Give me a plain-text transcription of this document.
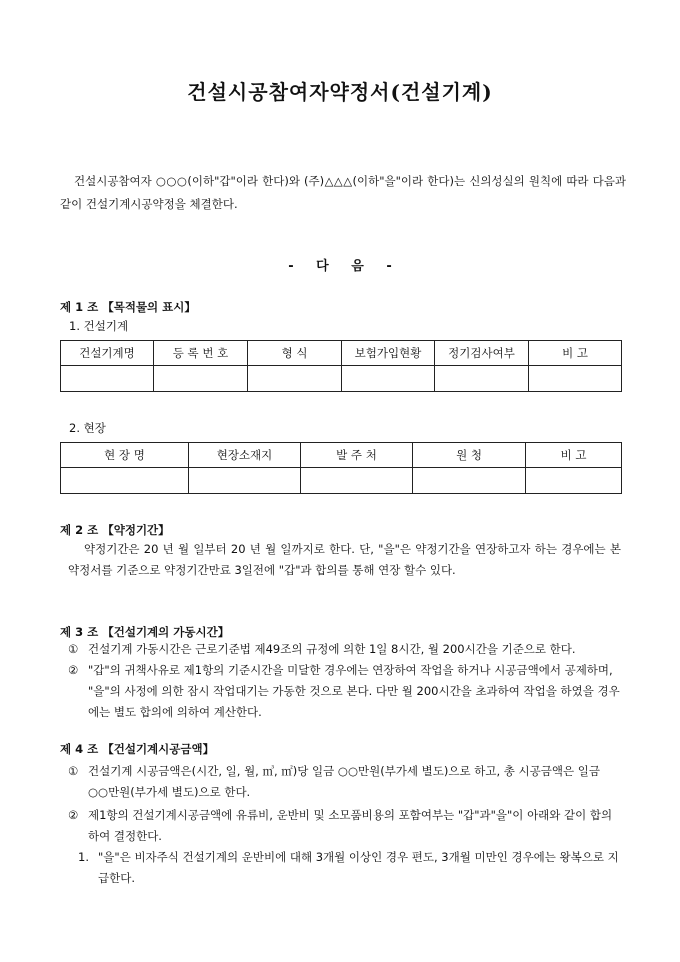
건설시공참여자약정서(건설기계)
건설시공참여자 ○○○(이하"갑"이라 한다)와 (주)△△△(이하"을"이라 한다)는 신의성실의 원칙에 따라 다음과 같이 건설기계시공약정을 체결한다.
- 다 음 -
제 1 조 【목적물의 표시】
1. 건설기계
건설기계명	등 록 번 호	형 식	보험가입현황	정기검사여부	비 고

2. 현장
현 장 명	현장소재지	발 주 처	원 청	비 고

제 2 조 【약정기간】
약정기간은 20 년 월 일부터 20 년 월 일까지로 한다. 단, "을"은 약정기간을 연장하고자 하는 경우에는 본 약정서를 기준으로 약정기간만료 3일전에 "갑"과 합의를 통해 연장 할수 있다.
제 3 조 【건설기계의 가동시간】
① 건설기계 가동시간은 근로기준법 제49조의 규정에 의한 1일 8시간, 월 200시간을 기준으로 한다.
② "갑"의 귀책사유로 제1항의 기준시간을 미달한 경우에는 연장하여 작업을 하거나 시공금액에서 공제하며, "을"의 사정에 의한 잠시 작업대기는 가동한 것으로 본다. 다만 월 200시간을 초과하여 작업을 하였을 경우에는 별도 합의에 의하여 계산한다.
제 4 조 【건설기계시공금액】
① 건설기계 시공금액은(시간, 일, 월, ㎥, ㎡)당 일금 ○○만원(부가세 별도)으로 하고, 총 시공금액은 일금 ○○만원(부가세 별도)으로 한다.
② 제1항의 건설기계시공금액에 유류비, 운반비 및 소모품비용의 포함여부는 "갑"과"을"이 아래와 같이 합의하여 결정한다.
1. "을"은 비자주식 건설기계의 운반비에 대해 3개월 이상인 경우 편도, 3개월 미만인 경우에는 왕복으로 지급한다.
